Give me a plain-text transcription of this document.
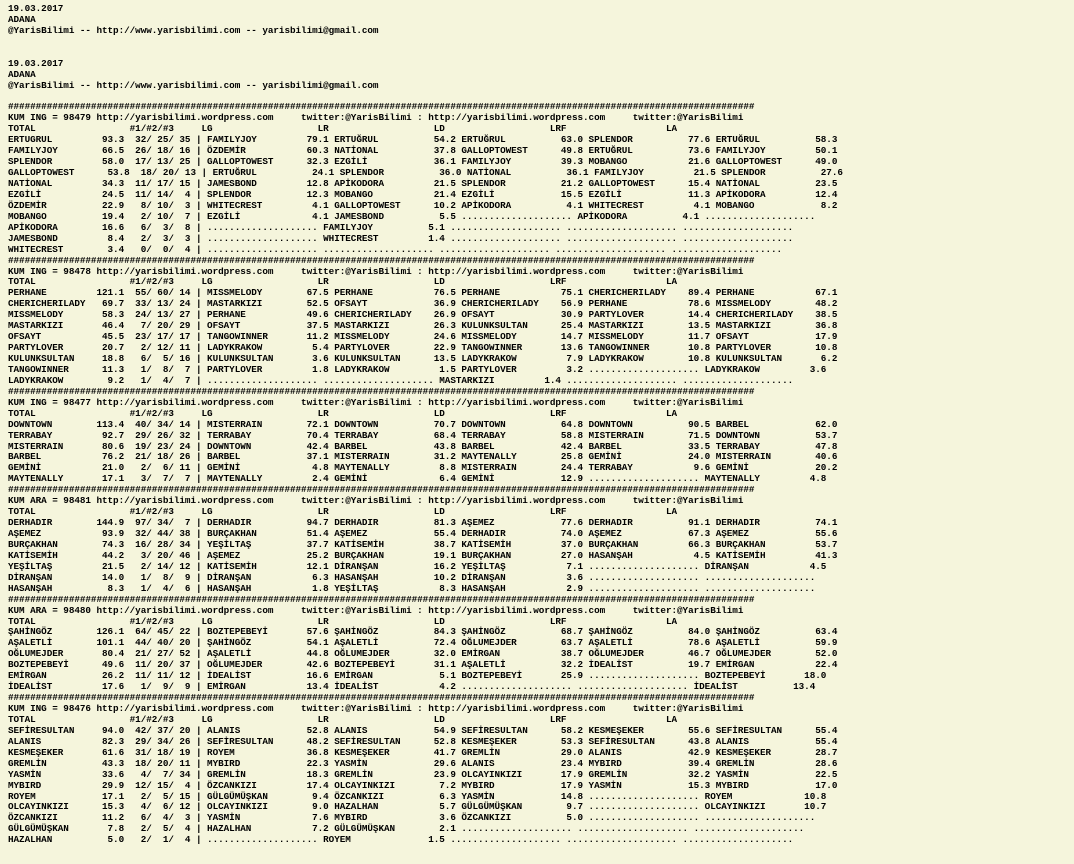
19.03.2017
ADANA
@YarisBilimi -- http://www.yarisbilimi.com -- yarisbilimi@gmail.com
19.03.2017
ADANA
@YarisBilimi -- http://www.yarisbilimi.com -- yarisbilimi@gmail.com
#######################################################################################################################################
KUM ING = 98479 http://yarisbilimi.wordpress.com     twitter:@YarisBilimi : http://yarisbilimi.wordpress.com     twitter:@YarisBilimi
TOTAL                 #1/#2/#3     LG                   LR                   LD                   LRF                  LA
ERTUGRUL         93.3  32/ 25/ 35 | FAMILYJOY         79.1 ERTUĞRUL          54.2 ERTUĞRUL          63.0 SPLENDOR          77.6 ERTUĞRUL          58.3
FAMILYJOY        66.5  26/ 18/ 16 | ÖZDEMİR           60.3 NATİONAL          37.8 GALLOPTOWEST      49.8 ERTUĞRUL          73.6 FAMILYJOY         50.1
SPLENDOR         58.0  17/ 13/ 25 | GALLOPTOWEST      32.3 EZGİLİ            36.1 FAMILYJOY         39.3 MOBANGO           21.6 GALLOPTOWEST      49.0
GALLOPTOWEST      53.8  18/ 20/ 13 | ERTUĞRUL          24.1 SPLENDOR          36.0 NATİONAL          36.1 FAMILYJOY         21.5 SPLENDOR          27.6
NATİONAL         34.3  11/ 17/ 15 | JAMESBOND         12.8 APİKODORA         21.5 SPLENDOR          21.2 GALLOPTOWEST      15.4 NATİONAL          23.5
EZGİLİ           24.5  11/ 14/  4 | SPLENDOR          12.3 MOBANGO           21.4 EZGİLİ            15.5 EZGİLİ            11.3 APİKODORA         12.4
ÖZDEMİR          22.9   8/ 10/  3 | WHITECREST         4.1 GALLOPTOWEST      10.2 APİKODORA          4.1 WHITECREST         4.1 MOBANGO            8.2
MOBANGO          19.4   2/ 10/  7 | EZGİLİ             4.1 JAMESBOND          5.5 .................... APİKODORA          4.1 ....................
APİKODORA        16.6   6/  3/  8 | .................... FAMILYJOY          5.1 .................... .................... ....................
JAMESBOND         8.4   2/  3/  3 | .................... WHITECREST         1.4 .................... .................... ....................
WHITECREST        3.4   0/  0/  4 | .................... .................... .................... .................... ....................
#######################################################################################################################################
KUM ING = 98478 http://yarisbilimi.wordpress.com     twitter:@YarisBilimi : http://yarisbilimi.wordpress.com     twitter:@YarisBilimi
TOTAL                 #1/#2/#3     LG                   LR                   LD                   LRF                  LA
PERHANE         121.1  55/ 60/ 14 | MISSMELODY        67.5 PERHANE           76.5 PERHANE           75.1 CHERICHERILADY    89.4 PERHANE           67.1
CHERICHERILADY   69.7  33/ 13/ 24 | MASTARKIZI        52.5 OFSAYT            36.9 CHERICHERILADY    56.9 PERHANE           78.6 MISSMELODY        48.2
MISSMELODY       58.3  24/ 13/ 27 | PERHANE           49.6 CHERICHERILADY    26.9 OFSAYT            30.9 PARTYLOVER        14.4 CHERICHERILADY    38.5
MASTARKIZI       46.4   7/ 20/ 29 | OFSAYT            37.5 MASTARKIZI        26.3 KULUNKSULTAN      25.4 MASTARKIZI        13.5 MASTARKIZI        36.8
OFSAYT           45.5  23/ 17/ 17 | TANGOWINNER       11.2 MISSMELODY        24.6 MISSMELODY        14.7 MISSMELODY        11.7 OFSAYT            17.9
PARTYLOVER       20.7   2/ 12/ 11 | LADYKRAKOW         5.4 PARTYLOVER        22.9 TANGOWINNER       13.6 TANGOWINNER       10.8 PARTYLOVER        10.8
KULUNKSULTAN     18.8   6/  5/ 16 | KULUNKSULTAN       3.6 KULUNKSULTAN      13.5 LADYKRAKOW         7.9 LADYKRAKOW        10.8 KULUNKSULTAN       6.2
TANGOWINNER      11.3   1/  8/  7 | PARTYLOVER         1.8 LADYKRAKOW         1.5 PARTYLOVER         3.2 .................... LADYKRAKOW         3.6
LADYKRAKOW        9.2   1/  4/  7 | .................... .................... MASTARKIZI         1.4 .................... ....................
#######################################################################################################################################
KUM ING = 98477 http://yarisbilimi.wordpress.com     twitter:@YarisBilimi : http://yarisbilimi.wordpress.com     twitter:@YarisBilimi
TOTAL                 #1/#2/#3     LG                   LR                   LD                   LRF                  LA
DOWNTOWN        113.4  40/ 34/ 14 | MISTERRAIN        72.1 DOWNTOWN          70.7 DOWNTOWN          64.8 DOWNTOWN          90.5 BARBEL            62.0
TERRABAY         92.7  29/ 26/ 32 | TERRABAY          70.4 TERRABAY          68.4 TERRABAY          58.8 MISTERRAIN        71.5 DOWNTOWN          53.7
MISTERRAIN       80.6  19/ 23/ 24 | DOWNTOWN          42.4 BARBEL            43.8 BARBEL            42.4 BARBEL            33.5 TERRABAY          47.8
BARBEL           76.2  21/ 18/ 26 | BARBEL            37.1 MISTERRAIN        31.2 MAYTENALLY        25.8 GEMİNİ            24.0 MISTERRAIN        40.6
GEMİNİ           21.0   2/  6/ 11 | GEMİNİ             4.8 MAYTENALLY         8.8 MISTERRAIN        24.4 TERRABAY           9.6 GEMİNİ            20.2
MAYTENALLY       17.1   3/  7/  7 | MAYTENALLY         2.4 GEMİNİ             6.4 GEMİNİ            12.9 .................... MAYTENALLY         4.8
#######################################################################################################################################
KUM ARA = 98481 http://yarisbilimi.wordpress.com     twitter:@YarisBilimi : http://yarisbilimi.wordpress.com     twitter:@YarisBilimi
TOTAL                 #1/#2/#3     LG                   LR                   LD                   LRF                  LA
DERHADIR        144.9  97/ 34/  7 | DERHADIR          94.7 DERHADIR          81.3 AŞEMEZ            77.6 DERHADIR          91.1 DERHADIR          74.1
AŞEMEZ           93.9  32/ 44/ 38 | BURÇAKHAN         51.4 AŞEMEZ            55.4 DERHADIR          74.0 AŞEMEZ            67.3 AŞEMEZ            55.6
BURÇAKHAN        74.3  16/ 28/ 34 | YEŞİLTAŞ          37.7 KATİSEMİH         38.7 KATİSEMİH         37.0 BURÇAKHAN         66.3 BURÇAKHAN         53.7
KATİSEMİH        44.2   3/ 20/ 46 | AŞEMEZ            25.2 BURÇAKHAN         19.1 BURÇAKHAN         27.0 HASANŞAH           4.5 KATİSEMİH         41.3
YEŞİLTAŞ         21.5   2/ 14/ 12 | KATİSEMİH         12.1 DİRANŞAN          16.2 YEŞİLTAŞ           7.1 .................... DİRANŞAN           4.5
DİRANŞAN         14.0   1/  8/  9 | DİRANŞAN           6.3 HASANŞAH          10.2 DİRANŞAN           3.6 .................... ....................
HASANŞAH          8.3   1/  4/  6 | HASANŞAH           1.8 YEŞİLTAŞ           8.3 HASANŞAH           2.9 .................... ....................
#######################################################################################################################################
KUM ARA = 98480 http://yarisbilimi.wordpress.com     twitter:@YarisBilimi : http://yarisbilimi.wordpress.com     twitter:@YarisBilimi
TOTAL                 #1/#2/#3     LG                   LR                   LD                   LRF                  LA
ŞAHİNGÖZ        126.1  64/ 45/ 22 | BOZTEPEBEYİ       57.6 ŞAHİNGÖZ          84.3 ŞAHİNGÖZ          68.7 ŞAHİNGÖZ          84.0 ŞAHİNGÖZ          63.4
AŞALETLİ        101.1  44/ 40/ 20 | ŞAHİNGÖZ          54.1 AŞALETLİ          72.4 OĞLUMEJDER        63.7 AŞALETLİ          78.6 AŞALETLİ          59.9
OĞLUMEJDER       80.4  21/ 27/ 52 | AŞALETLİ          44.8 OĞLUMEJDER        32.0 EMİRGAN           38.7 OĞLUMEJDER        46.7 OĞLUMEJDER        52.0
BOZTEPEBEYİ      49.6  11/ 20/ 37 | OĞLUMEJDER        42.6 BOZTEPEBEYİ       31.1 AŞALETLİ          32.2 İDEALİST          19.7 EMİRGAN           22.4
EMİRGAN          26.2  11/ 11/ 12 | İDEALİST          16.6 EMİRGAN            5.1 BOZTEPEBEYİ       25.9 .................... BOZTEPEBEYİ       18.0
İDEALİST         17.6   1/  9/  9 | EMİRGAN           13.4 İDEALİST           4.2 .................... .................... İDEALİST          13.4
#######################################################################################################################################
KUM ING = 98476 http://yarisbilimi.wordpress.com     twitter:@YarisBilimi : http://yarisbilimi.wordpress.com     twitter:@YarisBilimi
TOTAL                 #1/#2/#3     LG                   LR                   LD                   LRF                  LA
SEFİRESULTAN     94.0  42/ 37/ 20 | ALANIS            52.8 ALANIS            54.9 SEFİRESULTAN      58.2 KESMEŞEKER        55.6 SEFİRESULTAN      55.4
ALANIS           82.3  29/ 34/ 26 | SEFİRESULTAN      48.2 SEFİRESULTAN      52.8 KESMEŞEKER        53.3 SEFİRESULTAN      43.8 ALANIS            55.4
KESMEŞEKER       61.6  31/ 18/ 19 | ROYEM             36.8 KESMEŞEKER        41.7 GREMLİN           29.0 ALANIS            42.9 KESMEŞEKER        28.7
GREMLİN          43.3  18/ 20/ 11 | MYBIRD            22.3 YASMİN            29.6 ALANIS            23.4 MYBIRD            39.4 GREMLİN           28.6
YASMİN           33.6   4/  7/ 34 | GREMLİN           18.3 GREMLİN           23.9 OLCAYINKIZI       17.9 GREMLİN           32.2 YASMİN            22.5
MYBIRD           29.9  12/ 15/  4 | ÖZCANKIZI         17.4 OLCAYINKIZI        7.2 MYBIRD            17.9 YASMİN            15.3 MYBIRD            17.0
ROYEM            17.1   2/  5/ 15 | GÜLGÜMÜŞKAN        9.4 ÖZCANKIZI          6.3 YASMİN            14.8 .................... ROYEM             10.8
OLCAYINKIZI      15.3   4/  6/ 12 | OLCAYINKIZI        9.0 HAZALHAN           5.7 GÜLGÜMÜŞKAN        9.7 .................... OLCAYINKIZI       10.7
ÖZCANKIZI        11.2   6/  4/  3 | YASMİN             7.6 MYBIRD             3.6 ÖZCANKIZI          5.0 .................... ....................
GÜLGÜMÜŞKAN       7.8   2/  5/  4 | HAZALHAN           7.2 GÜLGÜMÜŞKAN        2.1 .................... .................... ....................
HAZALHAN          5.0   2/  1/  4 | .................... ROYEM              1.5 .................... .................... ....................
